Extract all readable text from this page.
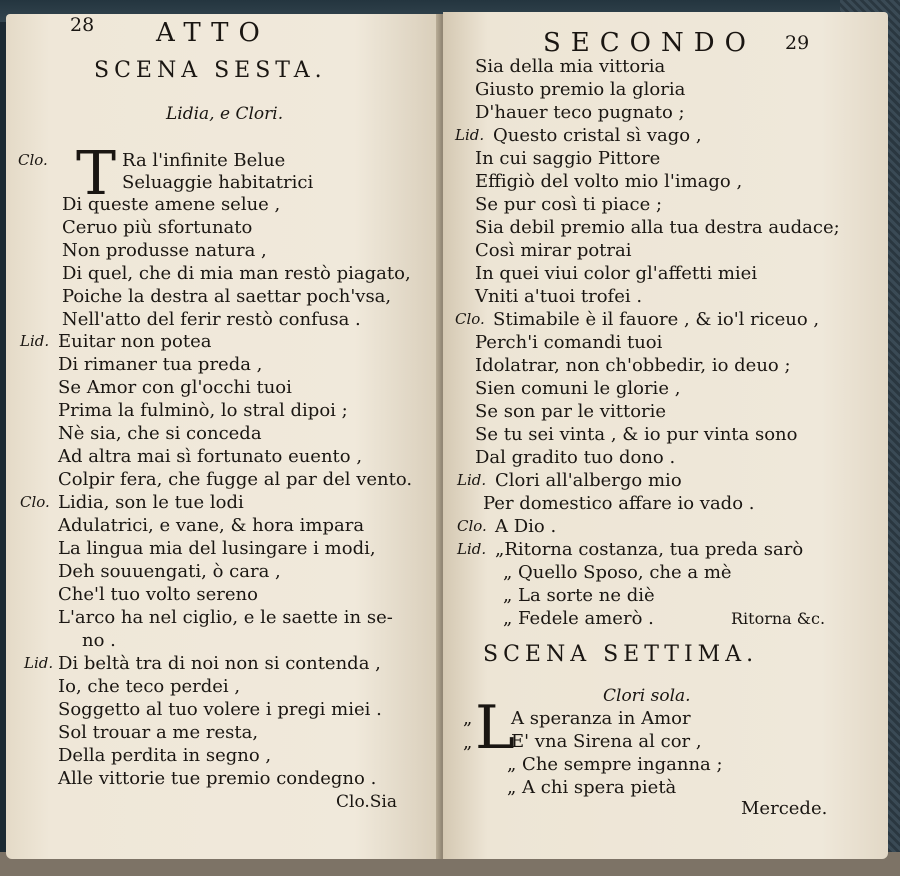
28 ATTO
SCENA SESTA.
Lidia, e Clori.
T
Clo.	Ra l'infinite Belue
Seluaggie habitatrici
Di queste amene selue ,
Ceruo più sfortunato
Non produsse natura ,
Di quel, che di mia man restò piagato,
Poiche la destra al saettar poch'vsa,
Nell'atto del ferir restò confusa .
Lid. Euitar non potea
Di rimaner tua preda ,
Se Amor con gl'occhi tuoi
Prima la fulminò, lo stral dipoi ;
Nè sia, che si conceda
Ad altra mai sì fortunato euento ,
Colpir fera, che fugge al par del vento.
Clo. Lidia, son le tue lodi
Adulatrici, e vane, & hora impara
La lingua mia del lusingare i modi,
Deh souuengati, ò cara ,
Che'l tuo volto sereno
L'arco ha nel ciglio, e le saette in se-
no .
Lid. Di beltà tra di noi non si contenda ,
Io, che teco perdei ,
Soggetto al tuo volere i pregi miei .
Sol trouar a me resta,
Della perdita in segno ,
Alle vittorie tue premio condegno .
Clo.Sia
SECONDO 29
Sia della mia vittoria
Giusto premio la gloria
D'hauer teco pugnato ;
Lid. Questo cristal sì vago ,
In cui saggio Pittore
Effigiò del volto mio l'imago ,
Se pur così ti piace ;
Sia debil premio alla tua destra audace;
Così mirar potrai
In quei viui color gl'affetti miei
Vniti a'tuoi trofei .
Clo. Stimabile è il fauore , & io'l riceuo ,
Perch'i comandi tuoi
Idolatrar, non ch'obbedir, io deuo ;
Sien comuni le glorie ,
Se son par le vittorie
Se tu sei vinta , & io pur vinta sono
Dal gradito tuo dono .
Lid. Clori all'albergo mio
Per domestico affare io vado .
Clo. A Dio .
Lid. „Ritorna costanza, tua preda sarò
„ Quello Sposo, che a mè
„ La sorte ne diè
„ Fedele amerò .	Ritorna &c.
SCENA SETTIMA.
Clori sola.
„
„ L
A speranza in Amor
E' vna Sirena al cor ,
„ Che sempre inganna ;
„ A chi spera pietà
Mercede.
